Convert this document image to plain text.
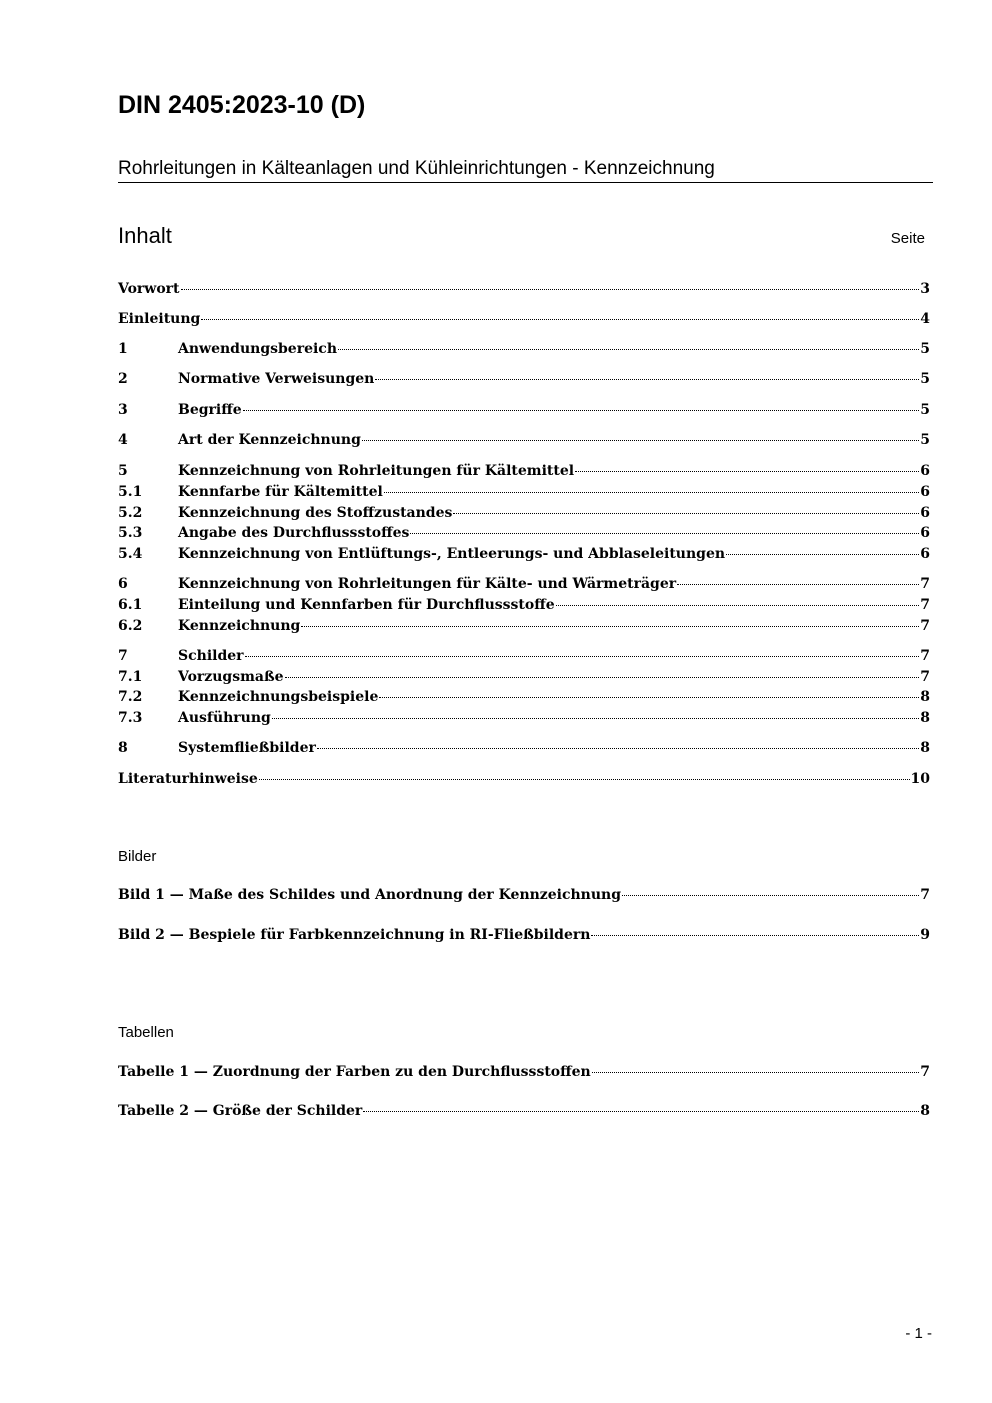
DIN 2405:2023-10 (D)
Rohrleitungen in Kälteanlagen und Kühleinrichtungen - Kennzeichnung
Inhalt	Seite
Vorwort	3
Einleitung	4
1	Anwendungsbereich	5
2	Normative Verweisungen	5
3	Begriffe	5
4	Art der Kennzeichnung	5
5	Kennzeichnung von Rohrleitungen für Kältemittel	6
5.1	Kennfarbe für Kältemittel	6
5.2	Kennzeichnung des Stoffzustandes	6
5.3	Angabe des Durchflussstoffes	6
5.4	Kennzeichnung von Entlüftungs-, Entleerungs- und Abblaseleitungen	6
6	Kennzeichnung von Rohrleitungen für Kälte- und Wärmeträger	7
6.1	Einteilung und Kennfarben für Durchflussstoffe	7
6.2	Kennzeichnung	7
7	Schilder	7
7.1	Vorzugsmaße	7
7.2	Kennzeichnungsbeispiele	8
7.3	Ausführung	8
8	Systemfließbilder	8
Literaturhinweise	10
Bilder
Bild 1 — Maße des Schildes und Anordnung der Kennzeichnung	7
Bild 2 — Bespiele für Farbkennzeichnung in RI-Fließbildern	9
Tabellen
Tabelle 1 — Zuordnung der Farben zu den Durchflussstoffen	7
Tabelle 2 — Größe der Schilder	8
- 1 -
